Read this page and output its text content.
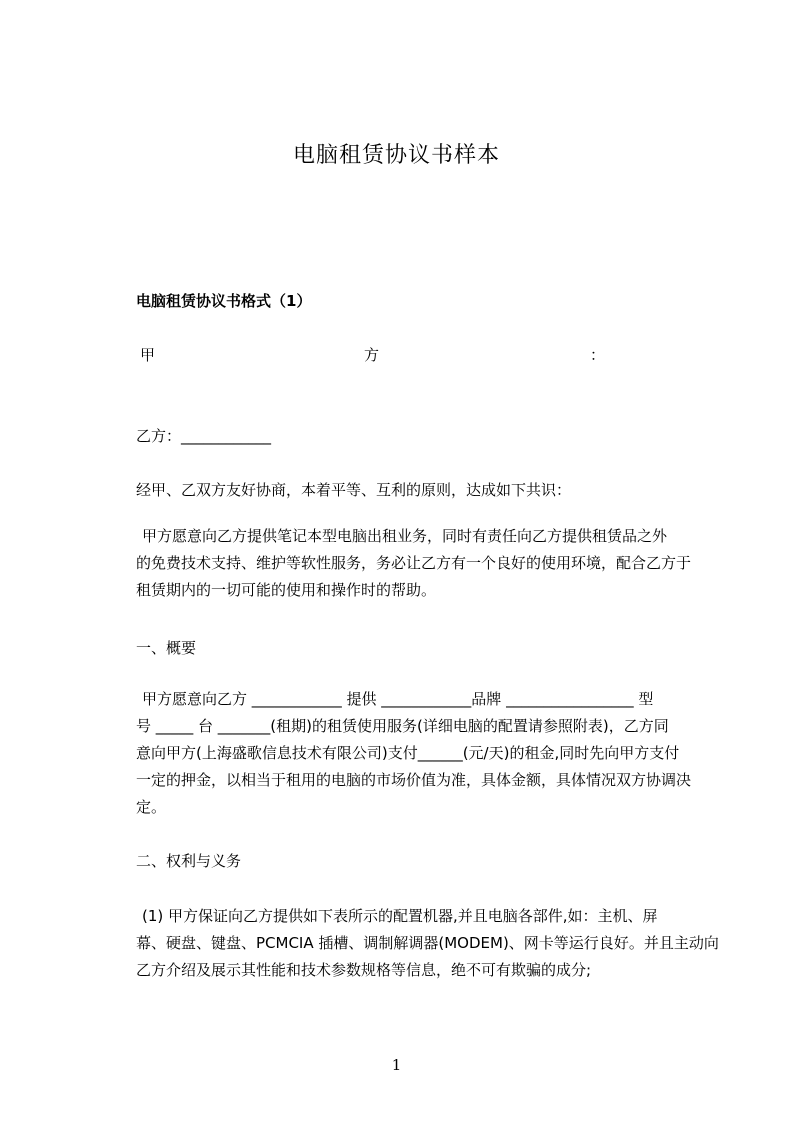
电脑租赁协议书样本
电脑租赁协议书格式（1）
甲	方	：
乙方：____________
经甲、乙双方友好协商，本着平等、互利的原则，达成如下共识：
甲方愿意向乙方提供笔记本型电脑出租业务，同时有责任向乙方提供租赁品之外
的免费技术支持、维护等软性服务，务必让乙方有一个良好的使用环境，配合乙方于
租赁期内的一切可能的使用和操作时的帮助。
一、概要
甲方愿意向乙方 ____________ 提供 ____________品牌 _________________ 型
号 _____ 台 _______(租期)的租赁使用服务(详细电脑的配置请参照附表)，乙方同
意向甲方(上海盛歌信息技术有限公司)支付______(元/天)的租金,同时先向甲方支付
一定的押金，以相当于租用的电脑的市场价值为准，具体金额，具体情况双方协调决
定。
二、权利与义务
(1) 甲方保证向乙方提供如下表所示的配置机器,并且电脑各部件,如：主机、屏
幕、硬盘、键盘、PCMCIA 插槽、调制解调器(MODEM)、网卡等运行良好。并且主动向
乙方介绍及展示其性能和技术参数规格等信息，绝不可有欺骗的成分;
1
